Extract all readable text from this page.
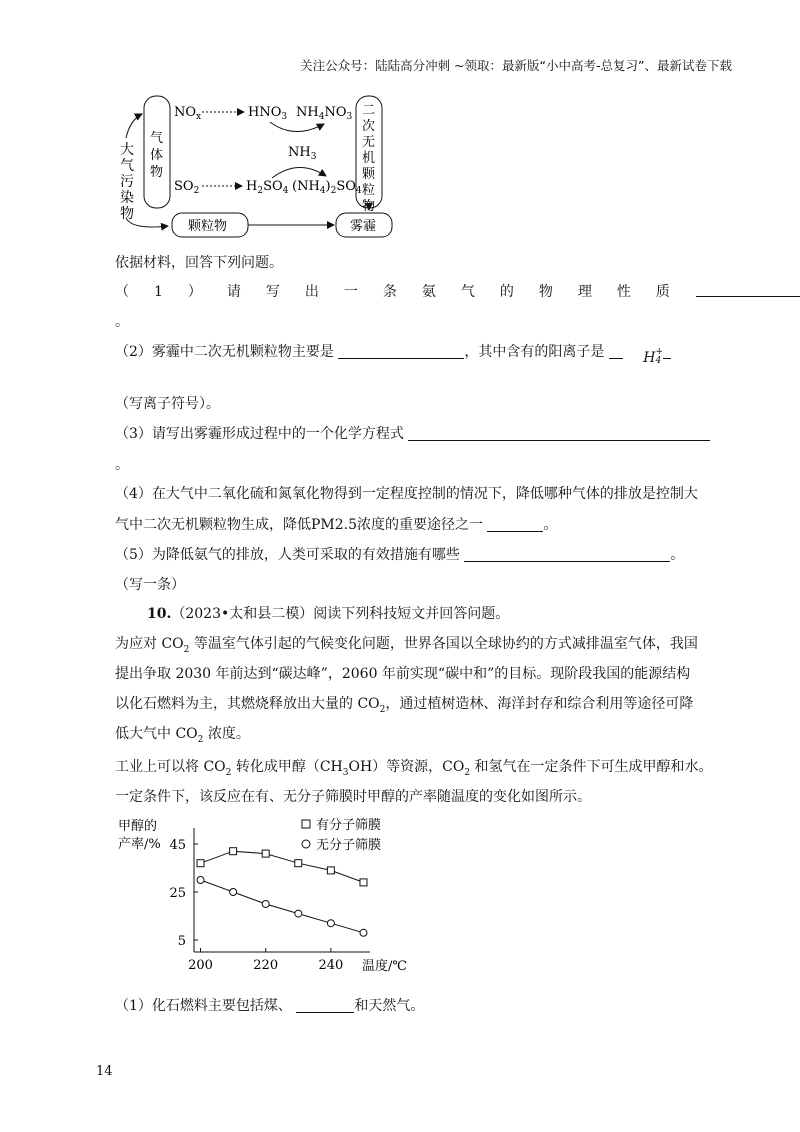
关注公众号：陆陆高分冲刺 ~领取：最新版“小中高考-总复习”、最新试卷下载
大
气
污
染
物
气
体
物
$NO_x$	$HNO_3$ $NH_4NO_3$
$NH_3$
$SO_2$	$H_2SO_4$ $(NH_4)_2SO_4$
二
次
无
机
颗
粒
物
颗粒物	雾霾
依据材料，回答下列问题。
（ 1 ） 请 写 出 一 条 氨 气 的 物 理 性 质
。
（2）雾霾中二次无机颗粒物主要是	，其中含有的阳离子是	H +
4
（写离子符号）。
（3）请写出雾霾形成过程中的一个化学方程式
。
（4）在大气中二氧化硫和氮氧化物得到一定程度控制的情况下，降低哪种气体的排放是控制大
气中二次无机颗粒物生成，降低PM2.5浓度的重要途径之一	。
（5）为降低氨气的排放，人类可采取的有效措施有哪些	。
（写一条）
10.（2023•太和县二模）阅读下列科技短文并回答问题。
为应对 $CO_2$ 等温室气体引起的气候变化问题，世界各国以全球协约的方式减排温室气体，我国
提出争取 2030 年前达到“碳达峰”，2060 年前实现“碳中和”的目标。现阶段我国的能源结构
以化石燃料为主，其燃烧释放出大量的 $CO_2$，通过植树造林、海洋封存和综合利用等途径可降
低大气中 $CO_2$ 浓度。
工业上可以将 $CO_2$ 转化成甲醇$(CH_3OH)$等资源，$CO_2$ 和氢气在一定条件下可生成甲醇和水。
一定条件下，该反应在有、无分子筛膜时甲醇的产率随温度的变化如图所示。
甲醇的
产率/%
温度/℃
5
25
45
200	220	240
有分子筛膜
无分子筛膜
（1）化石燃料主要包括煤、	和天然气。
14
